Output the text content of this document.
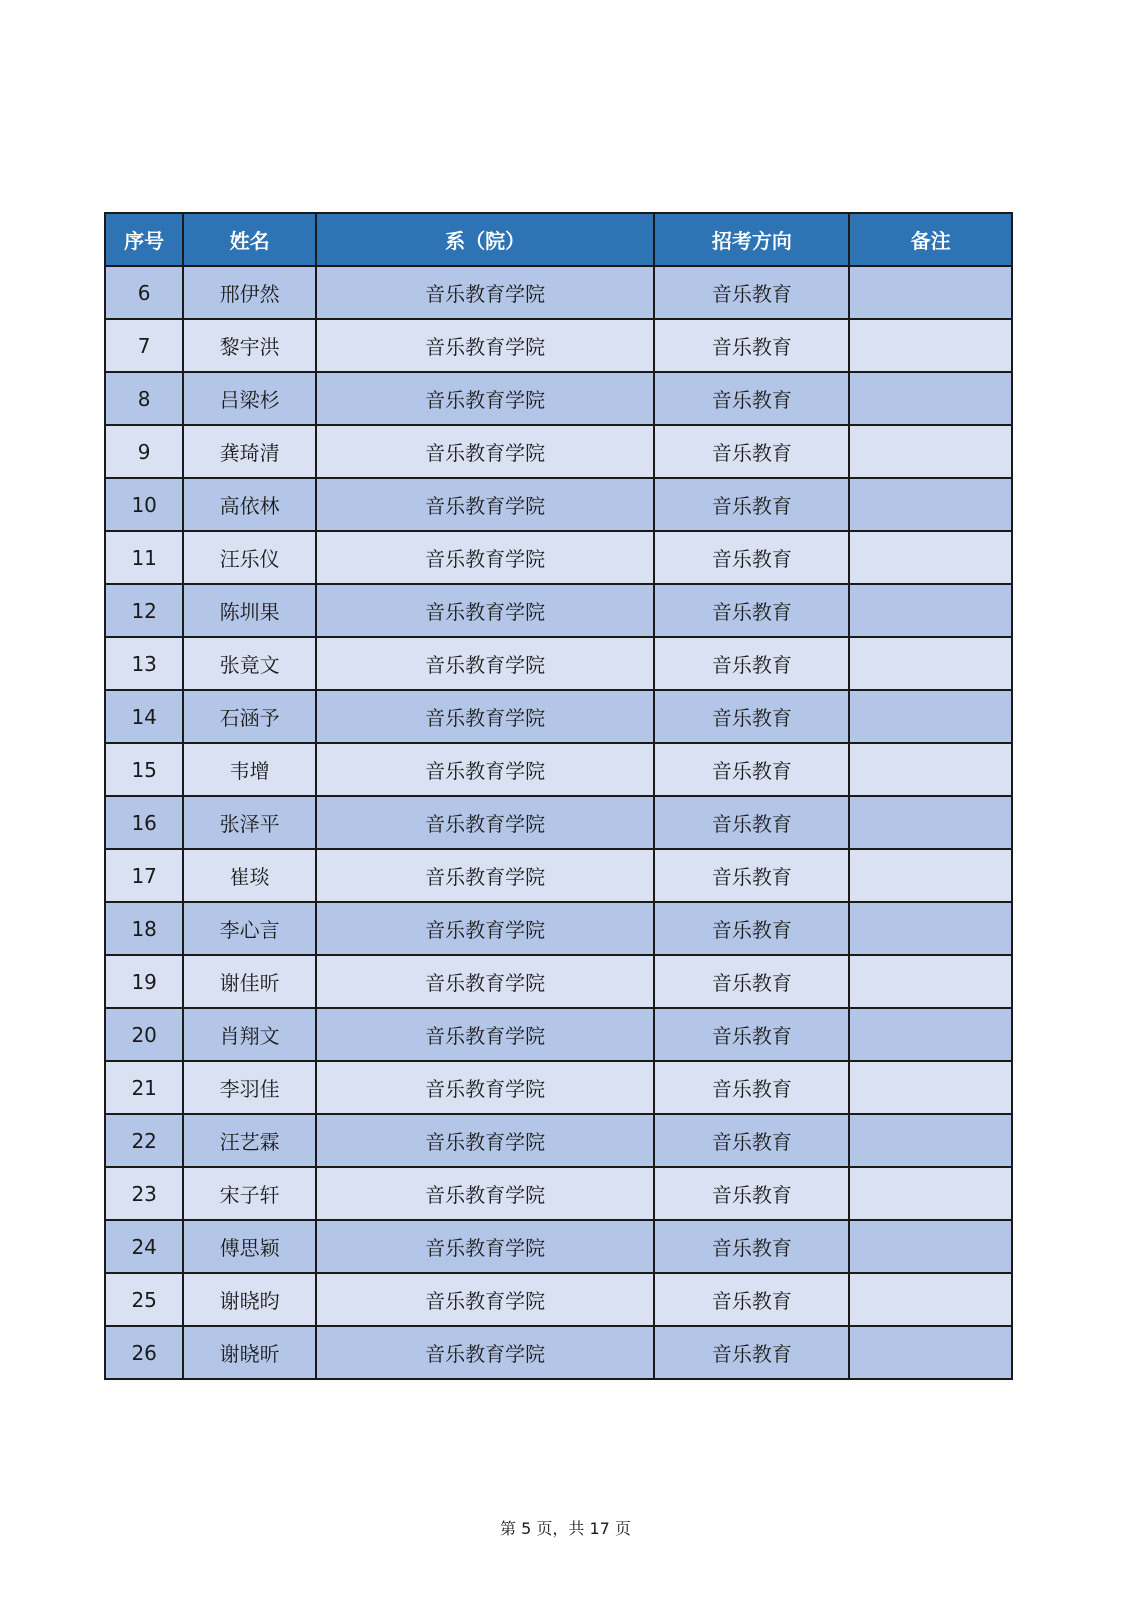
序号	姓名	系（院）	招考方向	备注
6	邢伊然	音乐教育学院	音乐教育	
7	黎宇洪	音乐教育学院	音乐教育	
8	吕梁杉	音乐教育学院	音乐教育	
9	龚琦清	音乐教育学院	音乐教育	
10	高依林	音乐教育学院	音乐教育	
11	汪乐仪	音乐教育学院	音乐教育	
12	陈圳果	音乐教育学院	音乐教育	
13	张竟文	音乐教育学院	音乐教育	
14	石涵予	音乐教育学院	音乐教育	
15	韦增	音乐教育学院	音乐教育	
16	张泽平	音乐教育学院	音乐教育	
17	崔琰	音乐教育学院	音乐教育	
18	李心言	音乐教育学院	音乐教育	
19	谢佳昕	音乐教育学院	音乐教育	
20	肖翔文	音乐教育学院	音乐教育	
21	李羽佳	音乐教育学院	音乐教育	
22	汪艺霖	音乐教育学院	音乐教育	
23	宋子轩	音乐教育学院	音乐教育	
24	傅思颖	音乐教育学院	音乐教育	
25	谢晓昀	音乐教育学院	音乐教育	
26	谢晓昕	音乐教育学院	音乐教育	
第 5 页，共 17 页
